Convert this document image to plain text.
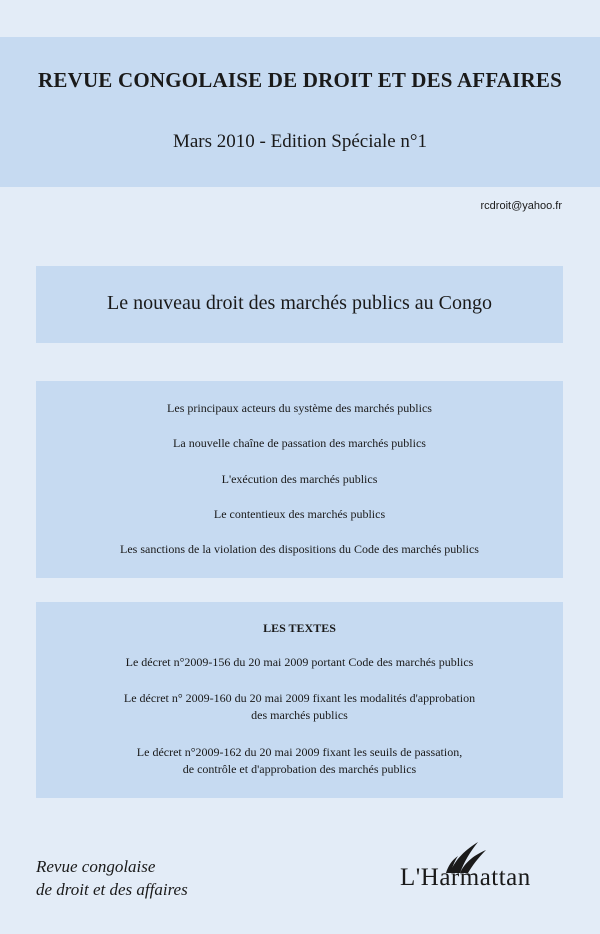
REVUE CONGOLAISE DE DROIT ET DES AFFAIRES
Mars 2010 - Edition Spéciale n°1
rcdroit@yahoo.fr
Le nouveau droit des marchés publics au Congo
Les principaux acteurs du système des marchés publics
La nouvelle chaîne de passation des marchés publics
L'exécution des marchés publics
Le contentieux des marchés publics
Les sanctions de la violation des dispositions du Code des marchés publics
LES TEXTES
Le décret n°2009-156 du 20 mai 2009 portant Code des marchés publics
Le décret n° 2009-160 du 20 mai 2009 fixant les modalités d'approbation
des marchés publics
Le décret n°2009-162 du 20 mai 2009 fixant les seuils de passation,
de contrôle et d'approbation des marchés publics
Revue congolaise
de droit et des affaires	L'Harmattan
